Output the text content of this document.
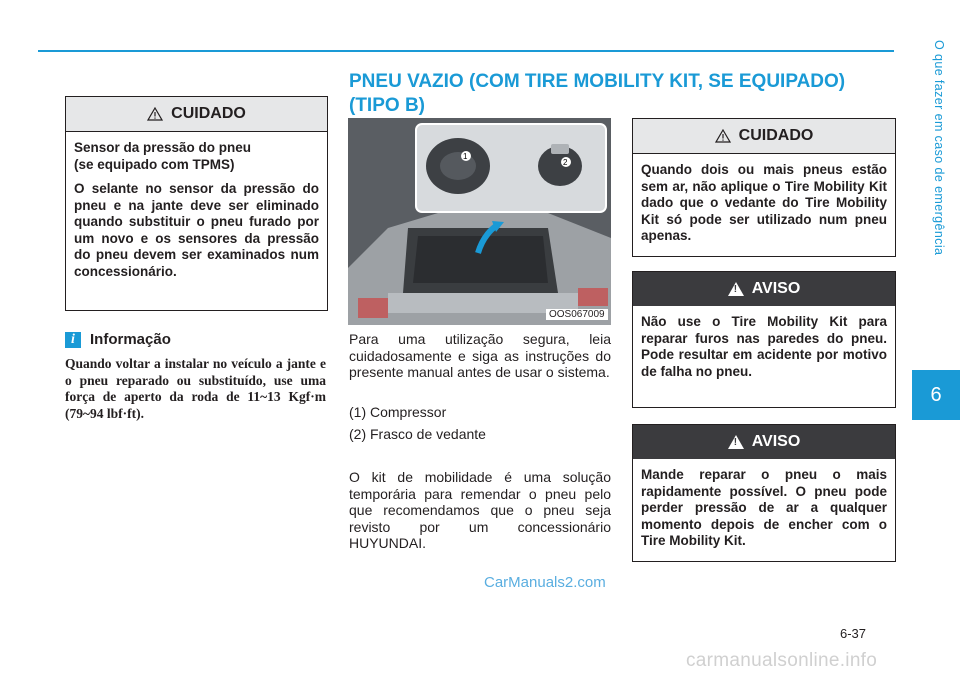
O que fazer em caso de emergência
6
CUIDADO

Sensor da pressão do pneu
(se equipado com TPMS)

O selante no sensor da pressão do pneu e na jante deve ser eliminado quando substituir o pneu furado por um novo e os sensores da pressão do pneu devem ser examinados num concessionário.

i	Informação
Quando voltar a instalar no veículo a jante e o pneu reparado ou substituído, use uma força de aperto da roda de 11~13 Kgf·m (79~94 lbf·ft).
PNEU VAZIO (COM TIRE MOBILITY KIT, SE EQUIPADO)
(TIPO B)
1
2
OOS067009
Para uma utilização segura, leia cuidadosamente e siga as instruções do presente manual antes de usar o sistema.
(1) Compressor
(2) Frasco de vedante
O kit de mobilidade é uma solução temporária para remendar o pneu pelo que recomendamos que o pneu seja revisto por um concessionário HUYUNDAI.
CUIDADO
Quando dois ou mais pneus estão sem ar, não aplique o Tire Mobility Kit dado que o vedante do Tire Mobility Kit só pode ser utilizado num pneu apenas.
!
AVISO
Não use o Tire Mobility Kit para reparar furos nas paredes do pneu. Pode resultar em acidente por motivo de falha no pneu.
!
AVISO
Mande reparar o pneu o mais rapidamente possível. O pneu pode perder pressão de ar a qualquer momento depois de encher com o Tire Mobility Kit.
CarManuals2.com
6-37
carmanualsonline.info
